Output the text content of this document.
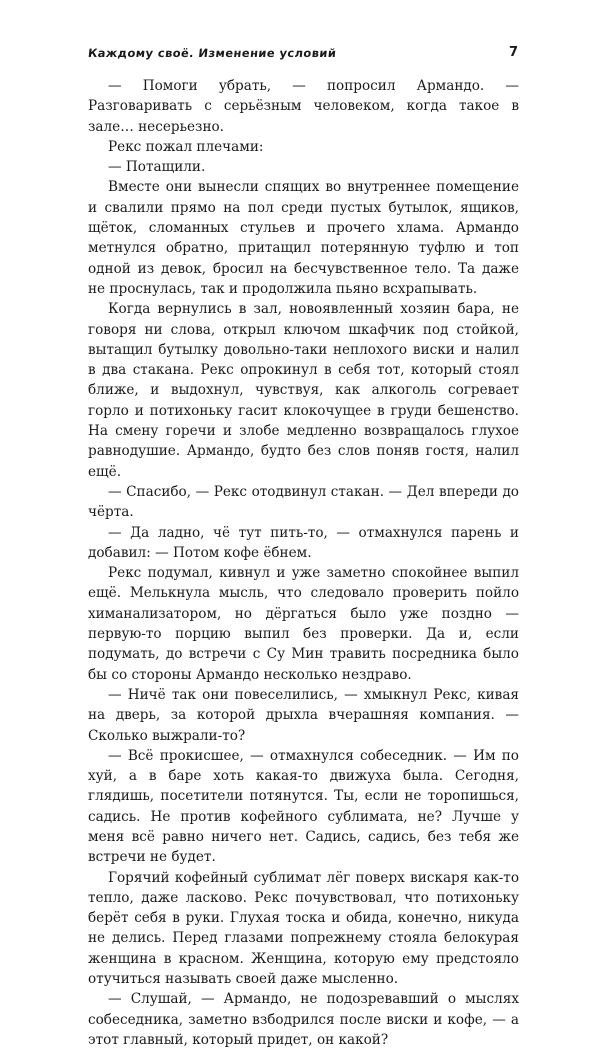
Каждому своё. Изменение условий	7

— Помоги убрать, — попросил Армандо. — Разговаривать с серьёзным человеком, когда такое в зале… несерьезно.

Рекс пожал плечами:

— Потащили.

Вместе они вынесли спящих во внутреннее помещение и свалили прямо на пол среди пустых бутылок, ящиков, щёток, сломанных стульев и прочего хлама. Армандо метнулся обратно, притащил потерянную туфлю и топ одной из девок, бросил на бесчувственное тело. Та даже не проснулась, так и продолжила пьяно всхрапывать.

Когда вернулись в зал, новоявленный хозяин бара, не говоря ни слова, открыл ключом шкафчик под стойкой, вытащил бутылку довольно-таки неплохого виски и налил в два стакана. Рекс опрокинул в себя тот, который стоял ближе, и выдохнул, чувствуя, как алкоголь согревает горло и потихоньку гасит клокочущее в груди бешенство. На смену горечи и злобе медленно возвращалось глухое равнодушие. Армандо, будто без слов поняв гостя, налил ещё.

— Спасибо, — Рекс отодвинул стакан. — Дел впереди до чёрта.

— Да ладно, чё тут пить-то, — отмахнулся парень и добавил: — Потом кофе ёбнем.

Рекс подумал, кивнул и уже заметно спокойнее выпил ещё. Мелькнула мысль, что следовало проверить пойло химанализатором, но дёргаться было уже поздно — первую-то порцию выпил без проверки. Да и, если подумать, до встречи с Су Мин травить посредника было бы со стороны Армандо несколько нездраво.

— Ничё так они повеселились, — хмыкнул Рекс, кивая на дверь, за которой дрыхла вчерашняя компания. — Сколько выжрали-то?

— Всё прокисшее, — отмахнулся собеседник. — Им по хуй, а в баре хоть какая-то движуха была. Сегодня, глядишь, посетители потянутся. Ты, если не торопишься, садись. Не против кофейного сублимата, не? Лучше у меня всё равно ничего нет. Садись, садись, без тебя же встречи не будет.

Горячий кофейный сублимат лёг поверх вискаря как-то тепло, даже ласково. Рекс почувствовал, что потихоньку берёт себя в руки. Глухая тоска и обида, конечно, никуда не делись. Перед глазами попрежнему стояла белокурая женщина в красном. Женщина, которую ему предстояло отучиться называть своей даже мысленно.

— Слушай, — Армандо, не подозревавший о мыслях собеседника, заметно взбодрился после виски и кофе, — а этот главный, который придет, он какой?
